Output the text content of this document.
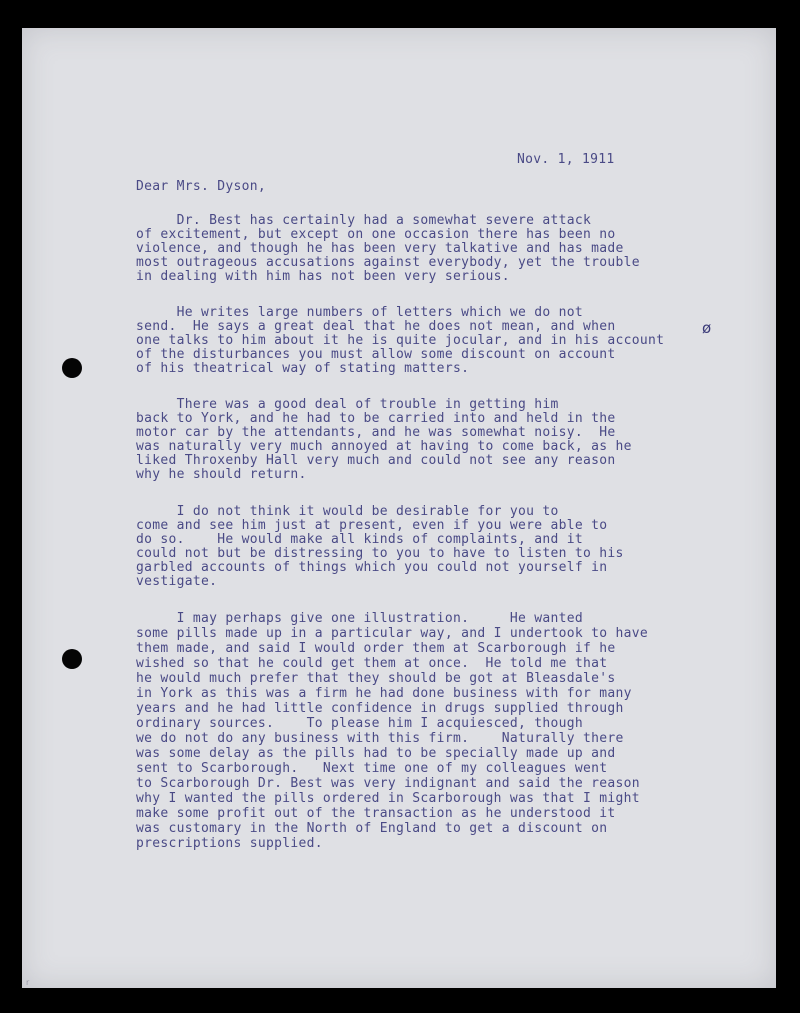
Nov. 1, 1911
Dear Mrs. Dyson,
ø
Dr. Best has certainly had a somewhat severe attack
of excitement, but except on one occasion there has been no
violence, and though he has been very talkative and has made
most outrageous accusations against everybody, yet the trouble
in dealing with him has not been very serious.
He writes large numbers of letters which we do not
send.  He says a great deal that he does not mean, and when
one talks to him about it he is quite jocular, and in his account
of the disturbances you must allow some discount on account
of his theatrical way of stating matters.
There was a good deal of trouble in getting him
back to York, and he had to be carried into and held in the
motor car by the attendants, and he was somewhat noisy.  He
was naturally very much annoyed at having to come back, as he
liked Throxenby Hall very much and could not see any reason
why he should return.
I do not think it would be desirable for you to
come and see him just at present, even if you were able to
do so.    He would make all kinds of complaints, and it
could not but be distressing to you to have to listen to his
garbled accounts of things which you could not yourself in
vestigate.
I may perhaps give one illustration.     He wanted
some pills made up in a particular way, and I undertook to have
them made, and said I would order them at Scarborough if he
wished so that he could get them at once.  He told me that
he would much prefer that they should be got at Bleasdale's
in York as this was a firm he had done business with for many
years and he had little confidence in drugs supplied through
ordinary sources.    To please him I acquiesced, though
we do not do any business with this firm.    Naturally there
was some delay as the pills had to be specially made up and
sent to Scarborough.   Next time one of my colleagues went
to Scarborough Dr. Best was very indignant and said the reason
why I wanted the pills ordered in Scarborough was that I might
make some profit out of the transaction as he understood it
was customary in the North of England to get a discount on
prescriptions supplied.
r
